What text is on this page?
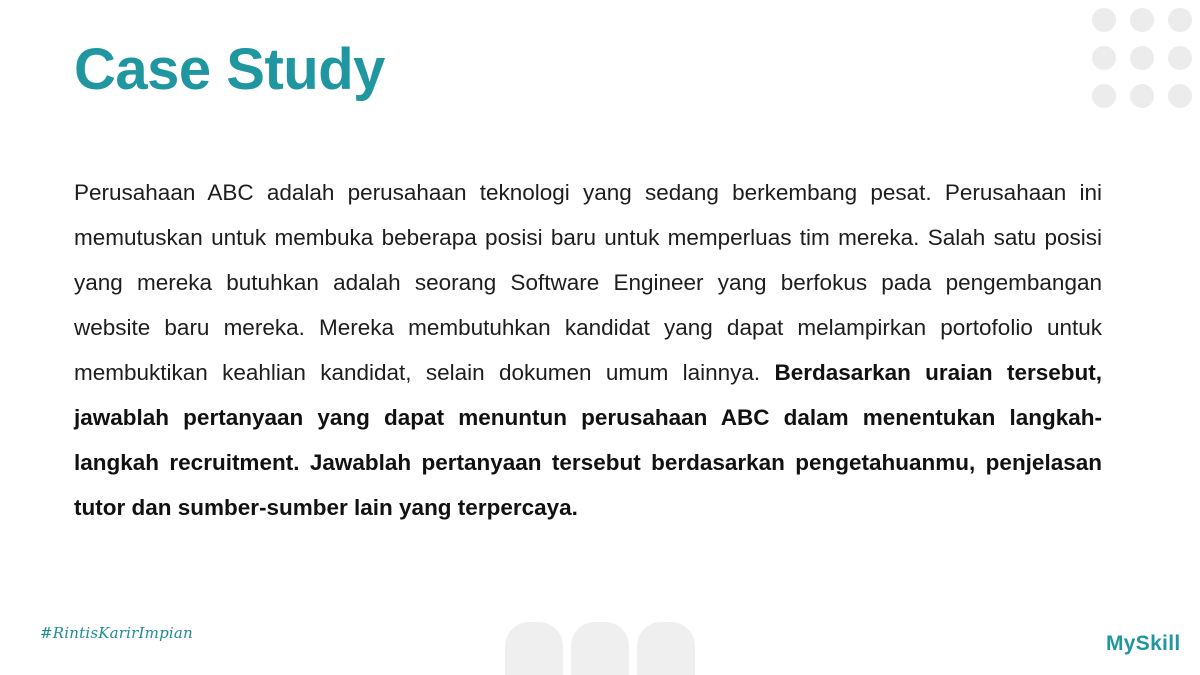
Case Study

Perusahaan ABC adalah perusahaan teknologi yang sedang berkembang pesat. Perusahaan ini memutuskan untuk membuka beberapa posisi baru untuk memperluas tim mereka. Salah satu posisi yang mereka butuhkan adalah seorang Software Engineer yang berfokus pada pengembangan website baru mereka. Mereka membutuhkan kandidat yang dapat melampirkan portofolio untuk membuktikan keahlian kandidat, selain dokumen umum lainnya. Berdasarkan uraian tersebut, jawablah pertanyaan yang dapat menuntun perusahaan ABC dalam menentukan langkah-langkah recruitment. Jawablah pertanyaan tersebut berdasarkan pengetahuanmu, penjelasan tutor dan sumber-sumber lain yang terpercaya.

#RintisKarirImpian	MySkill
